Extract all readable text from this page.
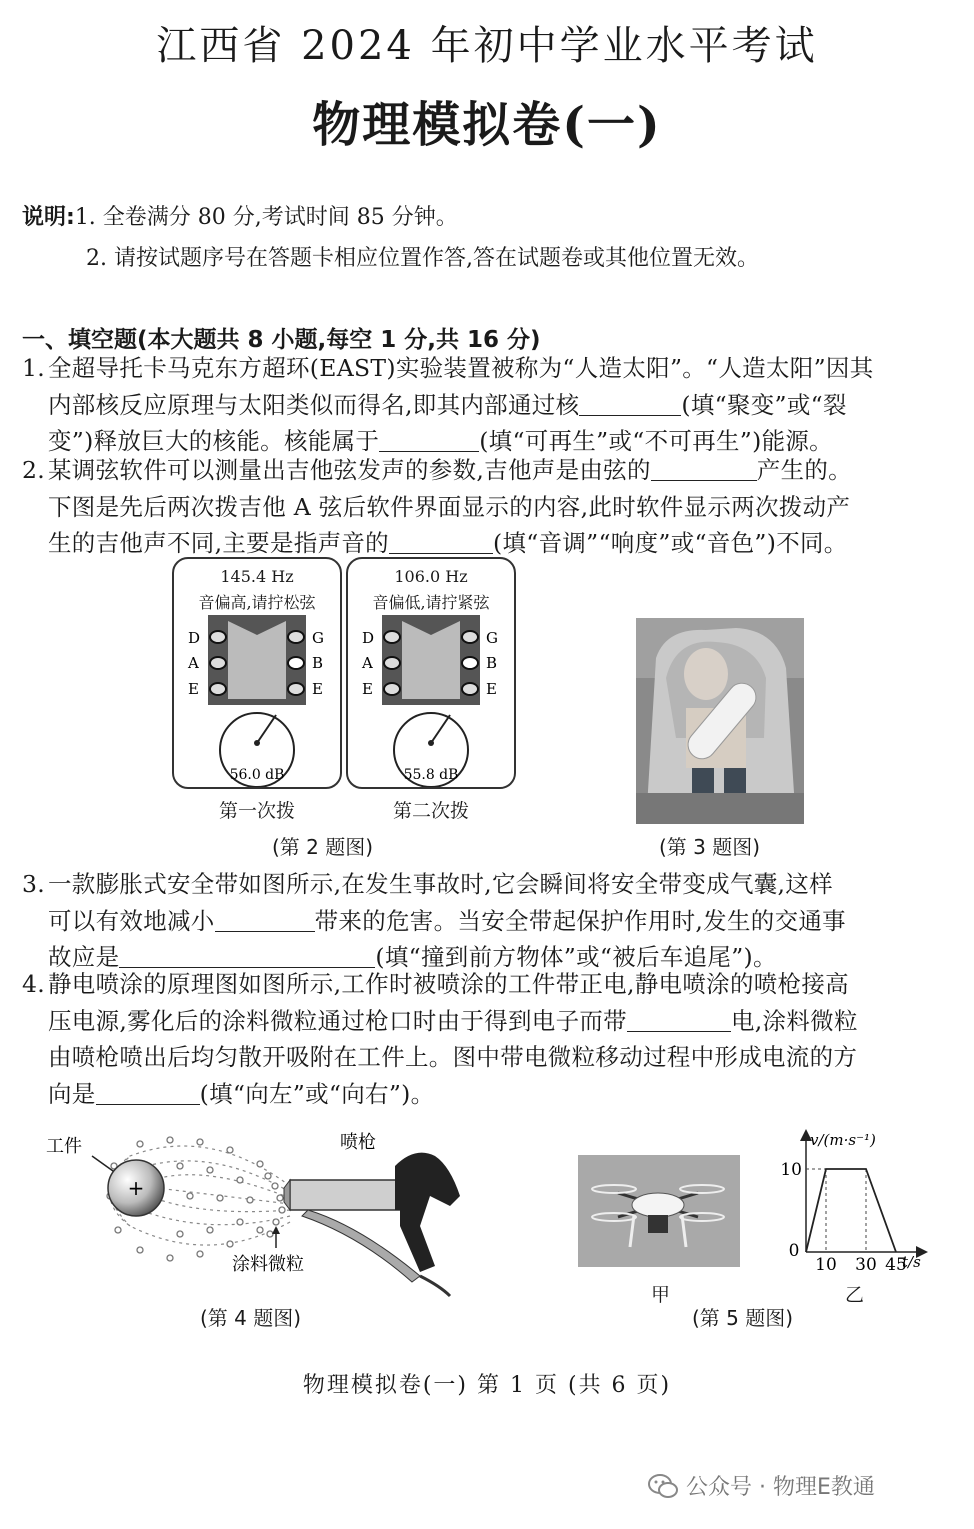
江西省 2024 年初中学业水平考试
物理模拟卷(一)
说明:1. 全卷满分 80 分,考试时间 85 分钟。
2. 请按试题序号在答题卡相应位置作答,答在试题卷或其他位置无效。
一、填空题(本大题共 8 小题,每空 1 分,共 16 分)
1. 全超导托卡马克东方超环(EAST)实验装置被称为“人造太阳”。“人造太阳”因其
内部核反应原理与太阳类似而得名,即其内部通过核	(填“聚变”或“裂
变”)释放巨大的核能。核能属于	(填“可再生”或“不可再生”)能源。
2. 某调弦软件可以测量出吉他弦发声的参数,吉他声是由弦的	产生的。
下图是先后两次拨吉他 A 弦后软件界面显示的内容,此时软件显示两次拨动产
生的吉他声不同,主要是指声音的	(填“音调”“响度”或“音色”)不同。
145.4 Hz
音偏高,请拧松弦
D
A
E
G
B
E
56.0 dB
106.0 Hz
音偏低,请拧紧弦
D
A
E
G
B
E
55.8 dB
第一次拨	第二次拨
(第 2 题图)	(第 3 题图)
3. 一款膨胀式安全带如图所示,在发生事故时,它会瞬间将安全带变成气囊,这样
可以有效地减小	带来的危害。当安全带起保护作用时,发生的交通事
故应是	(填“撞到前方物体”或“被后车追尾”)。
4. 静电喷涂的原理图如图所示,工作时被喷涂的工件带正电,静电喷涂的喷枪接高
压电源,雾化后的涂料微粒通过枪口时由于得到电子而带	电,涂料微粒
由喷枪喷出后均匀散开吸附在工件上。图中带电微粒移动过程中形成电流的方
向是	(填“向左”或“向右”)。
工件
+
喷枪
涂料微粒
(第 4 题图)
甲
v/(m·s⁻¹)
t/s
0
10 30 45
10
乙
(第 5 题图)
物理模拟卷(一) 第 1 页 (共 6 页)
公众号 · 物理E教通
